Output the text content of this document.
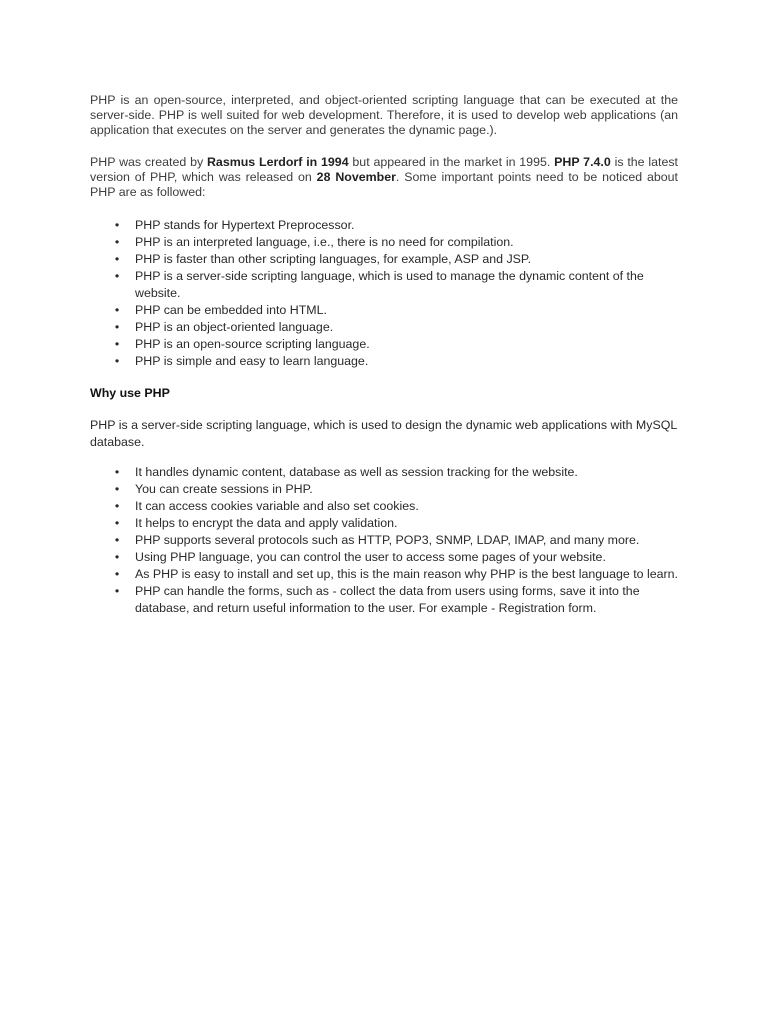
PHP is an open-source, interpreted, and object-oriented scripting language that can be executed at the server-side. PHP is well suited for web development. Therefore, it is used to develop web applications (an application that executes on the server and generates the dynamic page.).

PHP was created by Rasmus Lerdorf in 1994 but appeared in the market in 1995. PHP 7.4.0 is the latest version of PHP, which was released on 28 November. Some important points need to be noticed about PHP are as followed:

• PHP stands for Hypertext Preprocessor.
• PHP is an interpreted language, i.e., there is no need for compilation.
• PHP is faster than other scripting languages, for example, ASP and JSP.
• PHP is a server-side scripting language, which is used to manage the dynamic content of the website.
• PHP can be embedded into HTML.
• PHP is an object-oriented language.
• PHP is an open-source scripting language.
• PHP is simple and easy to learn language.

Why use PHP

PHP is a server-side scripting language, which is used to design the dynamic web applications with MySQL database.

• It handles dynamic content, database as well as session tracking for the website.
• You can create sessions in PHP.
• It can access cookies variable and also set cookies.
• It helps to encrypt the data and apply validation.
• PHP supports several protocols such as HTTP, POP3, SNMP, LDAP, IMAP, and many more.
• Using PHP language, you can control the user to access some pages of your website.
• As PHP is easy to install and set up, this is the main reason why PHP is the best language to learn.
• PHP can handle the forms, such as - collect the data from users using forms, save it into the database, and return useful information to the user. For example - Registration form.
